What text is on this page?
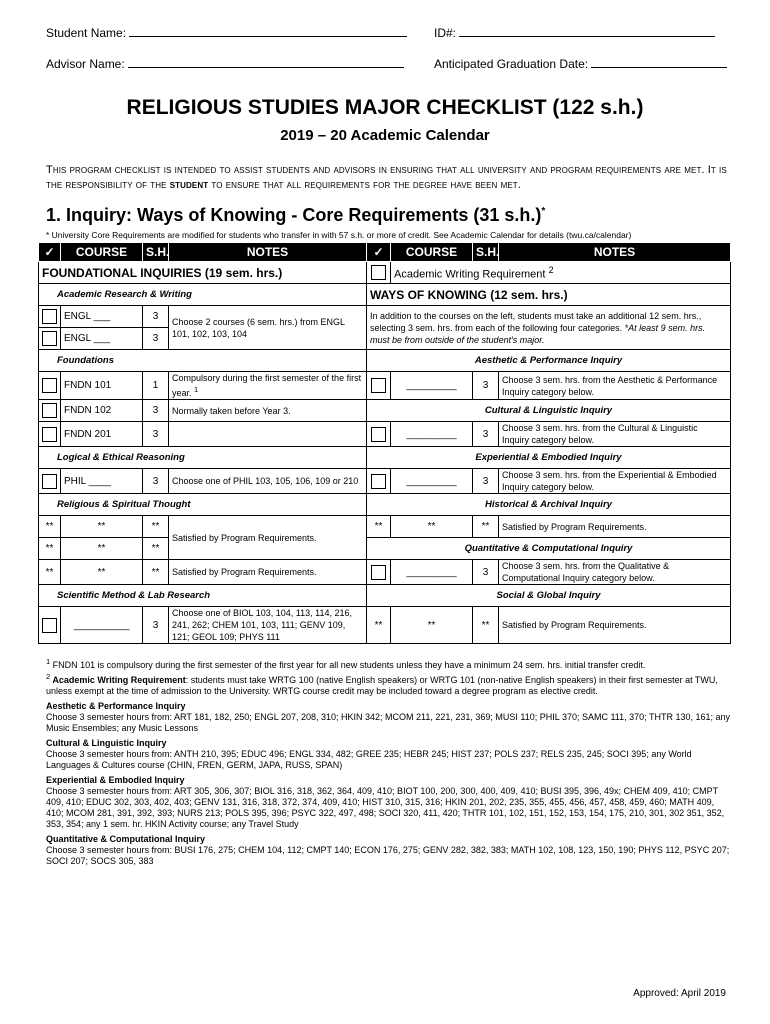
Student Name:	ID#:
Advisor Name:	Anticipated Graduation Date:
RELIGIOUS STUDIES MAJOR CHECKLIST (122 s.h.)
2019 – 20 Academic Calendar
This program checklist is intended to assist students and advisors in ensuring that all university and program requirements are met. It is the responsibility of the student to ensure that all requirements for the degree have been met.
1. Inquiry: Ways of Knowing - Core Requirements (31 s.h.)*
* University Core Requirements are modified for students who transfer in with 57 s.h. or more of credit. See Academic Calendar for details (twu.ca/calendar)
✓	COURSE	S.H.	NOTES	✓	COURSE	S.H.	NOTES
FOUNDATIONAL INQUIRIES (19 sem. hrs.)					Academic Writing Requirement $^2$
Academic Research & Writing				WAYS OF KNOWING (12 sem. hrs.)			
	ENGL ___	3	Choose 2 courses (6 sem. hrs.) from ENGL 101, 102, 103, 104	In addition to the courses on the left, students must take an additional 12 sem. hrs., selecting 3 sem. hrs. from each of the following four categories. *At least 9 sem. hrs. must be from outside of the student's major.			
	ENGL ___	3					
Foundations				Aesthetic & Performance Inquiry			
	FNDN 101	1	Compulsory during the first semester of the first year. $^1$		_________	3	Choose 3 sem. hrs. from the Aesthetic & Performance Inquiry category below.
	FNDN 102	3	Normally taken before Year 3.	Cultural & Linguistic Inquiry			
	FNDN 201	3			_________	3	Choose 3 sem. hrs. from the Cultural & Linguistic Inquiry category below.
Logical & Ethical Reasoning				Experiential & Embodied Inquiry			
	PHIL ____	3	Choose one of PHIL 103, 105, 106, 109 or 210		_________	3	Choose 3 sem. hrs. from the Experiential & Embodied Inquiry category below.
Religious & Spiritual Thought				Historical & Archival Inquiry			
**	**	**	Satisfied by Program Requirements.	**	**	**	Satisfied by Program Requirements.
**	**	**		Quantitative & Computational Inquiry			
**	**	**	Satisfied by Program Requirements.		_________	3	Choose 3 sem. hrs. from the Qualitative & Computational Inquiry category below.
Scientific Method & Lab Research				Social & Global Inquiry			
	__________	3	Choose one of BIOL 103, 104, 113, 114, 216, 241, 262; CHEM 101, 103, 111; GENV 109, 121; GEOL 109; PHYS 111	**	**	**	Satisfied by Program Requirements.
$^1$ FNDN 101 is compulsory during the first semester of the first year for all new students unless they have a minimum 24 sem. hrs. initial transfer credit.
$^2$ Academic Writing Requirement: students must take WRTG 100 (native English speakers) or WRTG 101 (non-native English speakers) in their first semester at TWU, unless exempt at the time of admission to the University. WRTG course credit may be included toward a degree program as elective credit.
Aesthetic & Performance Inquiry
Choose 3 semester hours from: ART 181, 182, 250; ENGL 207, 208, 310; HKIN 342; MCOM 211, 221, 231, 369; MUSI 110; PHIL 370; SAMC 111, 370; THTR 130, 161; any Music Ensembles; any Music Lessons
Cultural & Linguistic Inquiry
Choose 3 semester hours from: ANTH 210, 395; EDUC 496; ENGL 334, 482; GREE 235; HEBR 245; HIST 237; POLS 237; RELS 235, 245; SOCI 395; any World Languages & Cultures course (CHIN, FREN, GERM, JAPA, RUSS, SPAN)
Experiential & Embodied Inquiry
Choose 3 semester hours from: ART 305, 306, 307; BIOL 316, 318, 362, 364, 409, 410; BIOT 100, 200, 300, 400, 409, 410; BUSI 395, 396, 49x; CHEM 409, 410; CMPT 409, 410; EDUC 302, 303, 402, 403; GENV 131, 316, 318, 372, 374, 409, 410; HIST 310, 315, 316; HKIN 201, 202, 235, 355, 455, 456, 457, 458, 459, 460; MATH 409, 410; MCOM 281, 391, 392, 393; NURS 213; POLS 395, 396; PSYC 322, 497, 498; SOCI 320, 411, 420; THTR 101, 102, 151, 152, 153, 154, 175, 210, 301, 302 351, 352, 353, 354; any 1 sem. hr. HKIN Activity course; any Travel Study
Quantitative & Computational Inquiry
Choose 3 semester hours from: BUSI 176, 275; CHEM 104, 112; CMPT 140; ECON 176, 275; GENV 282, 382, 383; MATH 102, 108, 123, 150, 190; PHYS 112, PSYC 207; SOCI 207; SOCS 305, 383
Approved: April 2019
